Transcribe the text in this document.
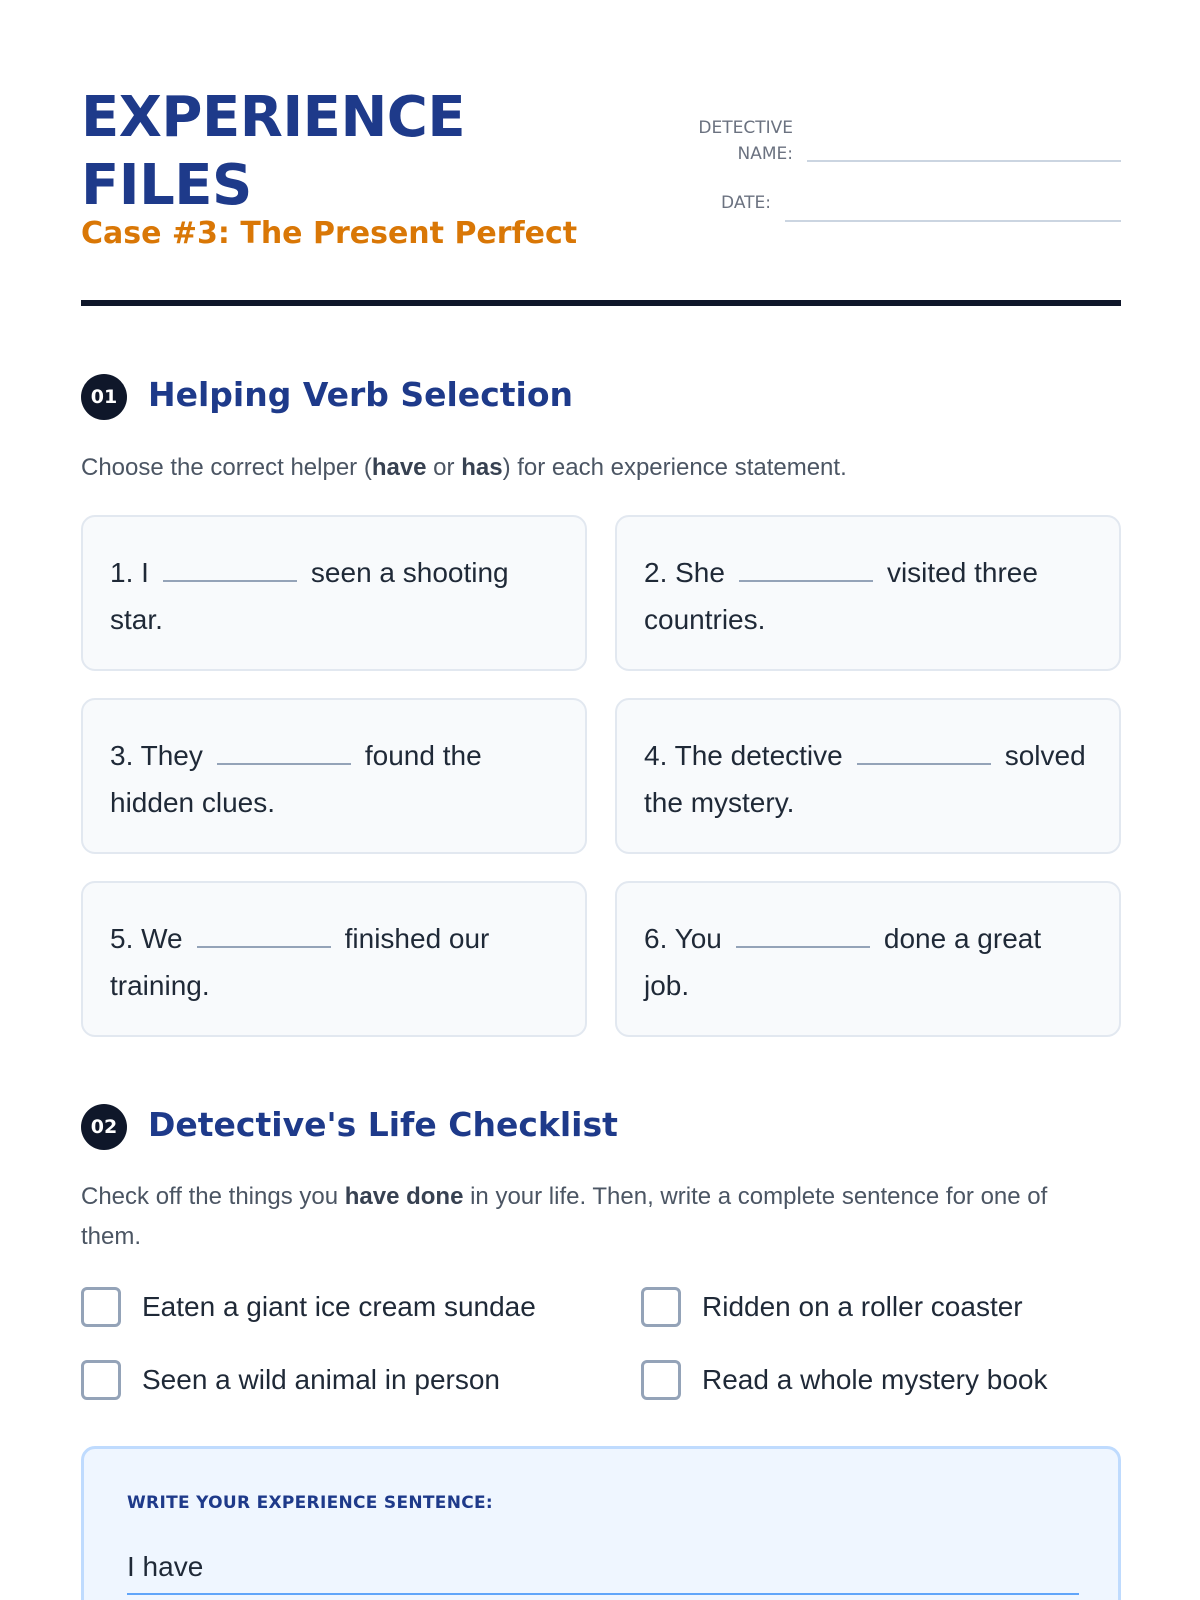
EXPERIENCE
FILES
Case #3: The Present Perfect
DETECTIVE
NAME:
DATE:
01 Helping Verb Selection
Choose the correct helper (have or has) for each experience statement.
1. I	seen a shooting star.
2. She	visited three countries.
3. They	found the hidden clues.
4. The detective	solved the mystery.
5. We	finished our training.
6. You	done a great job.
02 Detective's Life Checklist
Check off the things you have done in your life. Then, write a complete sentence for one of them.
Eaten a giant ice cream sundae	Ridden on a roller coaster
Seen a wild animal in person	Read a whole mystery book
WRITE YOUR EXPERIENCE SENTENCE:
I have
